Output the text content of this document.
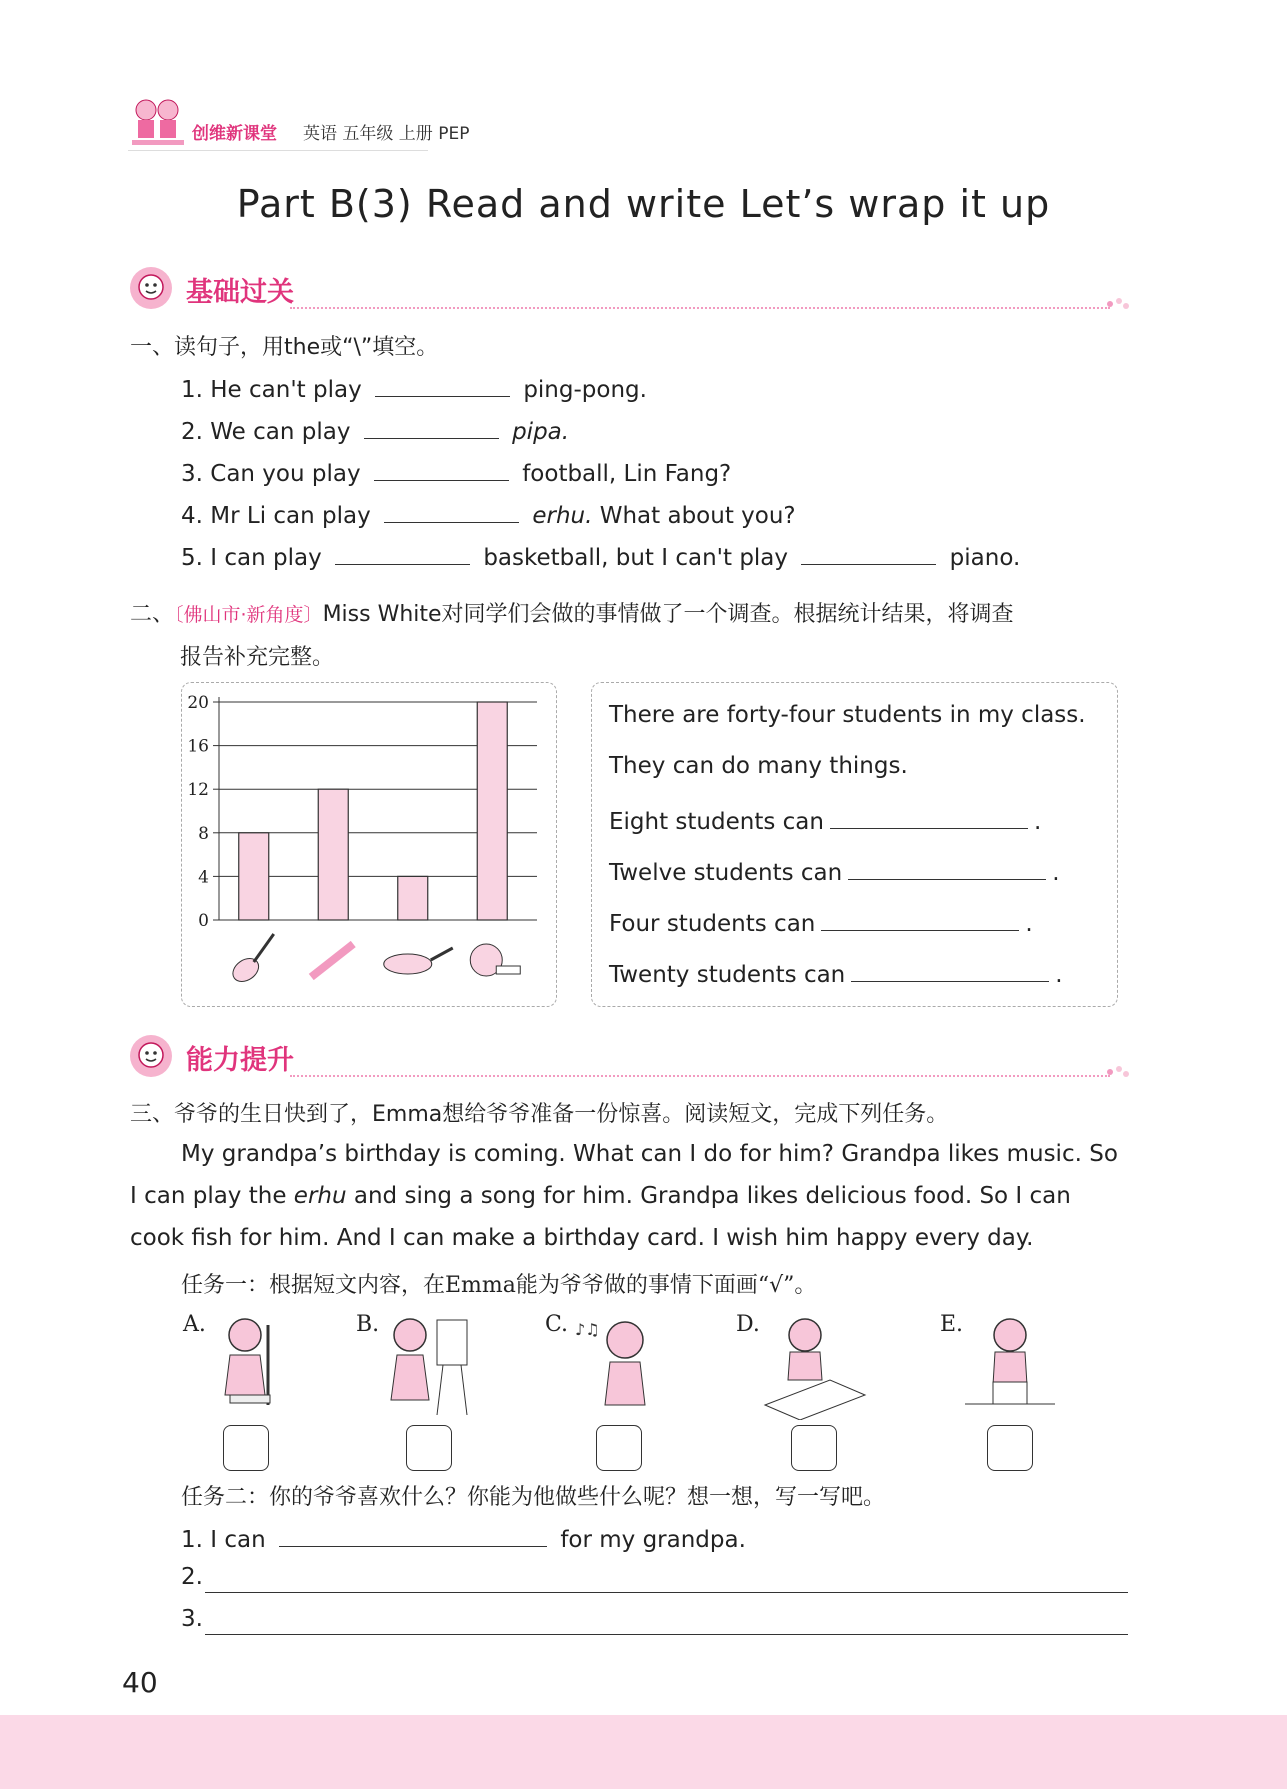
创维新课堂 英语 五年级 上册 PEP
Part B(3) Read and write Let’s wrap it up
基础过关
一、读句子，用the或“\”填空。
1. He can't play	ping-pong.
2. We can play	pipa.
3. Can you play	football, Lin Fang?
4. Mr Li can play	erhu. What about you?
5. I can play	basketball, but I can't play	piano.
二、〔佛山市·新角度〕Miss White对同学们会做的事情做了一个调查。根据统计结果，将调查
报告补充完整。
0
4
8
12
16
20	There are forty-four students in my class.
They can do many things.
Eight students can	.
Twelve students can	.
Four students can	.
Twenty students can	.
能力提升
三、爷爷的生日快到了，Emma想给爷爷准备一份惊喜。阅读短文，完成下列任务。
My grandpa’s birthday is coming. What can I do for him? Grandpa likes music. So
I can play the erhu and sing a song for him. Grandpa likes delicious food. So I can
cook fish for him. And I can make a birthday card. I wish him happy every day.
任务一：根据短文内容，在Emma能为爷爷做的事情下面画“√”。
A.	B.	C.	D.	E.
♪♫
任务二：你的爷爷喜欢什么？你能为他做些什么呢？想一想，写一写吧。
1. I can	for my grandpa.
2.
3.
40
